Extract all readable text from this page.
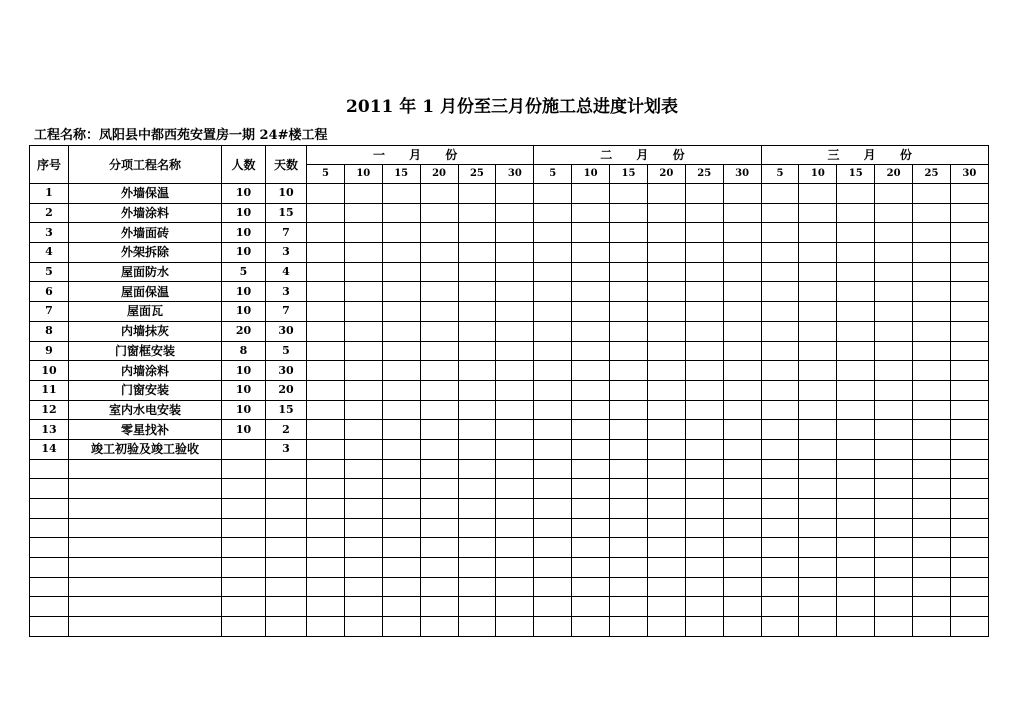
2011 年 1 月份至三月份施工总进度计划表
工程名称：凤阳县中都西苑安置房一期 24#楼工程
序号	分项工程名称	人数	天数	一 月 份						二 月 份						三 月 份					
				5	10	15	20	25	30	5	10	15	20	25	30	5	10	15	20	25	30
1	外墙保温	10	10																		
2	外墙涂料	10	15																		
3	外墙面砖	10	7																		
4	外架拆除	10	3																		
5	屋面防水	5	4																		
6	屋面保温	10	3																		
7	屋面瓦	10	7																		
8	内墙抹灰	20	30																		
9	门窗框安装	8	5																		
10	内墙涂料	10	30																		
11	门窗安装	10	20																		
12	室内水电安装	10	15																		
13	零星找补	10	2																		
14	竣工初验及竣工验收		3																		
